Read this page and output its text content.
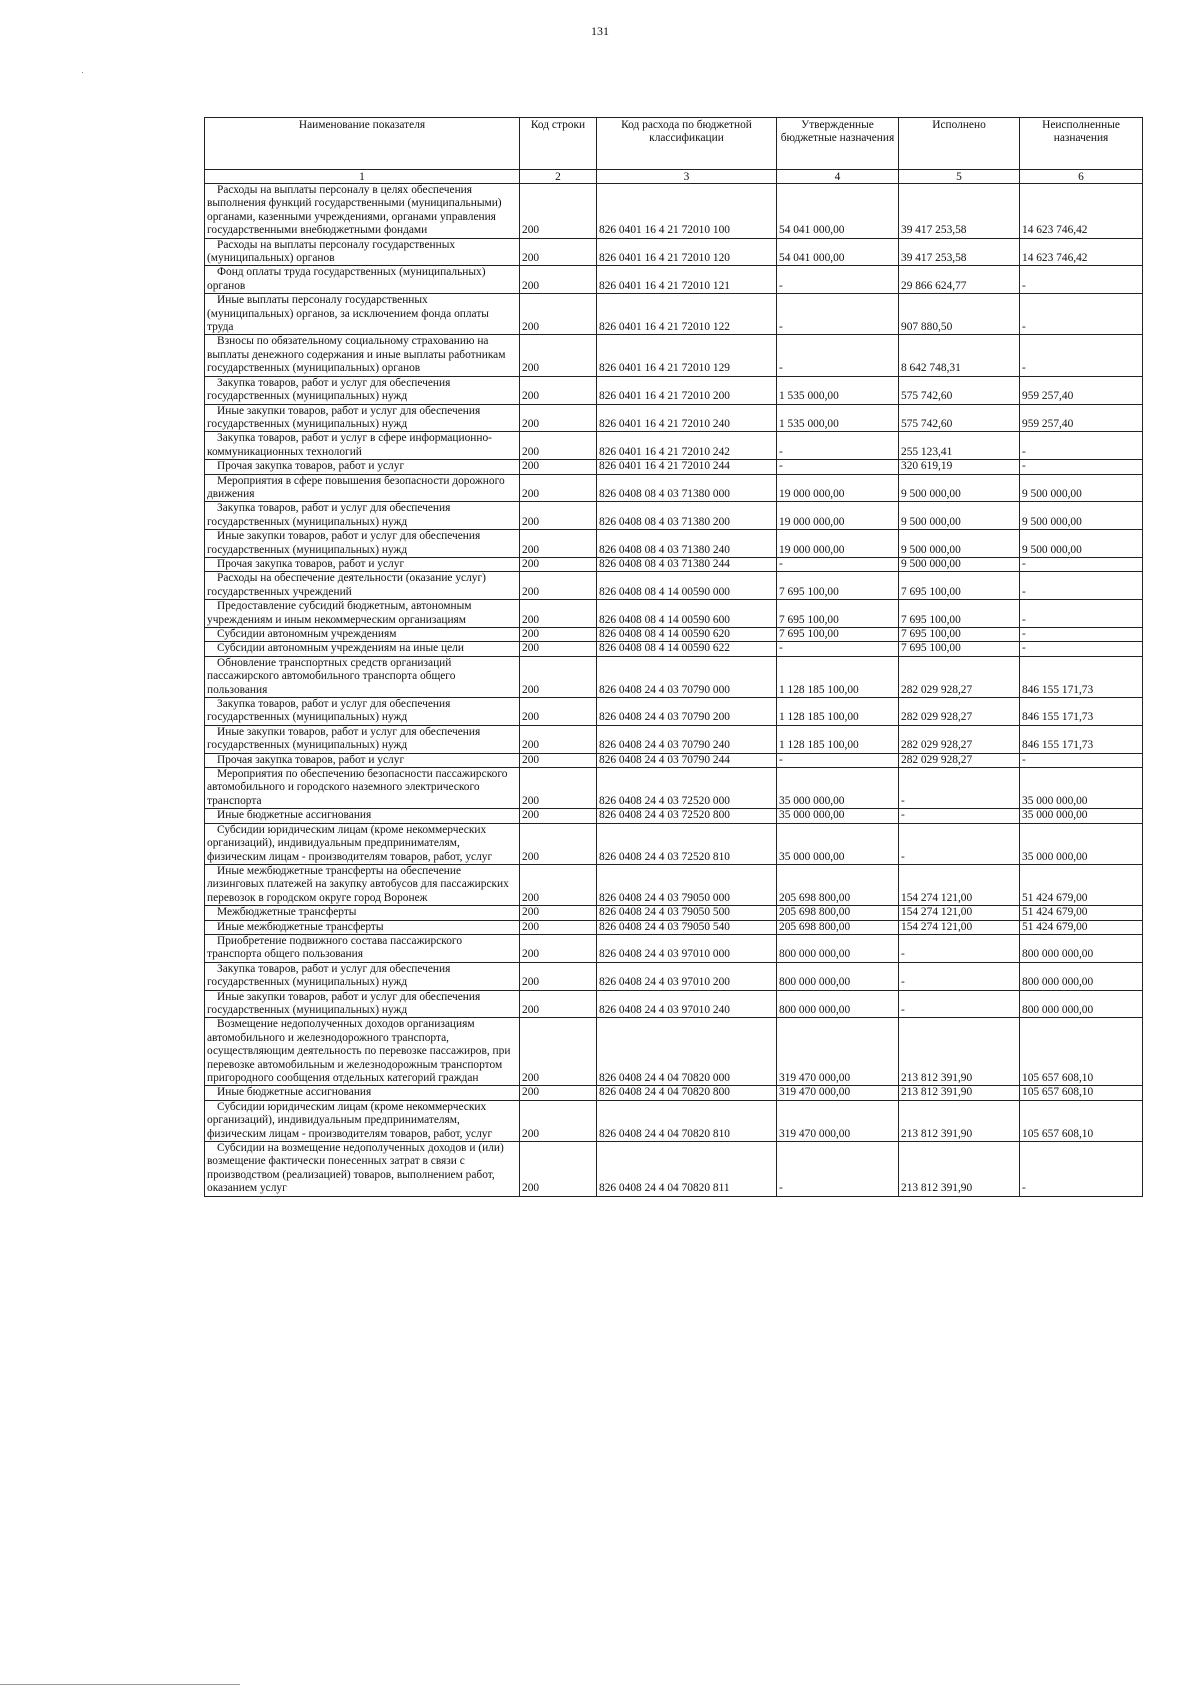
131
Наименование показателя	Код строки	Код расхода по бюджетной классификации	Утвержденные бюджетные назначения	Исполнено	Неисполненные назначения
1	2	3	4	5	6
Расходы на выплаты персоналу в целях обеспечения выполнения функций государственными (муниципальными) органами, казенными учреждениями, органами управления государственными внебюджетными фондами	200	826 0401 16 4 21 72010 100	54 041 000,00	39 417 253,58	14 623 746,42
Расходы на выплаты персоналу государственных (муниципальных) органов	200	826 0401 16 4 21 72010 120	54 041 000,00	39 417 253,58	14 623 746,42
Фонд оплаты труда государственных (муниципальных) органов	200	826 0401 16 4 21 72010 121	-	29 866 624,77	-
Иные выплаты персоналу государственных (муниципальных) органов, за исключением фонда оплаты труда	200	826 0401 16 4 21 72010 122	-	907 880,50	-
Взносы по обязательному социальному страхованию на выплаты денежного содержания и иные выплаты работникам государственных (муниципальных) органов	200	826 0401 16 4 21 72010 129	-	8 642 748,31	-
Закупка товаров, работ и услуг для обеспечения государственных (муниципальных) нужд	200	826 0401 16 4 21 72010 200	1 535 000,00	575 742,60	959 257,40
Иные закупки товаров, работ и услуг для обеспечения государственных (муниципальных) нужд	200	826 0401 16 4 21 72010 240	1 535 000,00	575 742,60	959 257,40
Закупка товаров, работ и услуг в сфере информационно-коммуникационных технологий	200	826 0401 16 4 21 72010 242	-	255 123,41	-
Прочая закупка товаров, работ и услуг	200	826 0401 16 4 21 72010 244	-	320 619,19	-
Мероприятия в сфере повышения безопасности дорожного движения	200	826 0408 08 4 03 71380 000	19 000 000,00	9 500 000,00	9 500 000,00
Закупка товаров, работ и услуг для обеспечения государственных (муниципальных) нужд	200	826 0408 08 4 03 71380 200	19 000 000,00	9 500 000,00	9 500 000,00
Иные закупки товаров, работ и услуг для обеспечения государственных (муниципальных) нужд	200	826 0408 08 4 03 71380 240	19 000 000,00	9 500 000,00	9 500 000,00
Прочая закупка товаров, работ и услуг	200	826 0408 08 4 03 71380 244	-	9 500 000,00	-
Расходы на обеспечение деятельности (оказание услуг) государственных учреждений	200	826 0408 08 4 14 00590 000	7 695 100,00	7 695 100,00	-
Предоставление субсидий бюджетным, автономным учреждениям и иным некоммерческим организациям	200	826 0408 08 4 14 00590 600	7 695 100,00	7 695 100,00	-
Субсидии автономным учреждениям	200	826 0408 08 4 14 00590 620	7 695 100,00	7 695 100,00	-
Субсидии автономным учреждениям на иные цели	200	826 0408 08 4 14 00590 622	-	7 695 100,00	-
Обновление транспортных средств организаций пассажирского автомобильного транспорта общего пользования	200	826 0408 24 4 03 70790 000	1 128 185 100,00	282 029 928,27	846 155 171,73
Закупка товаров, работ и услуг для обеспечения государственных (муниципальных) нужд	200	826 0408 24 4 03 70790 200	1 128 185 100,00	282 029 928,27	846 155 171,73
Иные закупки товаров, работ и услуг для обеспечения государственных (муниципальных) нужд	200	826 0408 24 4 03 70790 240	1 128 185 100,00	282 029 928,27	846 155 171,73
Прочая закупка товаров, работ и услуг	200	826 0408 24 4 03 70790 244	-	282 029 928,27	-
Мероприятия по обеспечению безопасности пассажирского автомобильного и городского наземного электрического транспорта	200	826 0408 24 4 03 72520 000	35 000 000,00	-	35 000 000,00
Иные бюджетные ассигнования	200	826 0408 24 4 03 72520 800	35 000 000,00	-	35 000 000,00
Субсидии юридическим лицам (кроме некоммерческих организаций), индивидуальным предпринимателям, физическим лицам - производителям товаров, работ, услуг	200	826 0408 24 4 03 72520 810	35 000 000,00	-	35 000 000,00
Иные межбюджетные трансферты на обеспечение лизинговых платежей на закупку автобусов для пассажирских перевозок в городском округе город Воронеж	200	826 0408 24 4 03 79050 000	205 698 800,00	154 274 121,00	51 424 679,00
Межбюджетные трансферты	200	826 0408 24 4 03 79050 500	205 698 800,00	154 274 121,00	51 424 679,00
Иные межбюджетные трансферты	200	826 0408 24 4 03 79050 540	205 698 800,00	154 274 121,00	51 424 679,00
Приобретение подвижного состава пассажирского транспорта общего пользования	200	826 0408 24 4 03 97010 000	800 000 000,00	-	800 000 000,00
Закупка товаров, работ и услуг для обеспечения государственных (муниципальных) нужд	200	826 0408 24 4 03 97010 200	800 000 000,00	-	800 000 000,00
Иные закупки товаров, работ и услуг для обеспечения государственных (муниципальных) нужд	200	826 0408 24 4 03 97010 240	800 000 000,00	-	800 000 000,00
Возмещение недополученных доходов организациям автомобильного и железнодорожного транспорта, осуществляющим деятельность по перевозке пассажиров, при перевозке автомобильным и железнодорожным транспортом пригородного сообщения отдельных категорий граждан	200	826 0408 24 4 04 70820 000	319 470 000,00	213 812 391,90	105 657 608,10
Иные бюджетные ассигнования	200	826 0408 24 4 04 70820 800	319 470 000,00	213 812 391,90	105 657 608,10
Субсидии юридическим лицам (кроме некоммерческих организаций), индивидуальным предпринимателям, физическим лицам - производителям товаров, работ, услуг	200	826 0408 24 4 04 70820 810	319 470 000,00	213 812 391,90	105 657 608,10
Субсидии на возмещение недополученных доходов и (или) возмещение фактически понесенных затрат в связи с производством (реализацией) товаров, выполнением работ, оказанием услуг	200	826 0408 24 4 04 70820 811	-	213 812 391,90	-
